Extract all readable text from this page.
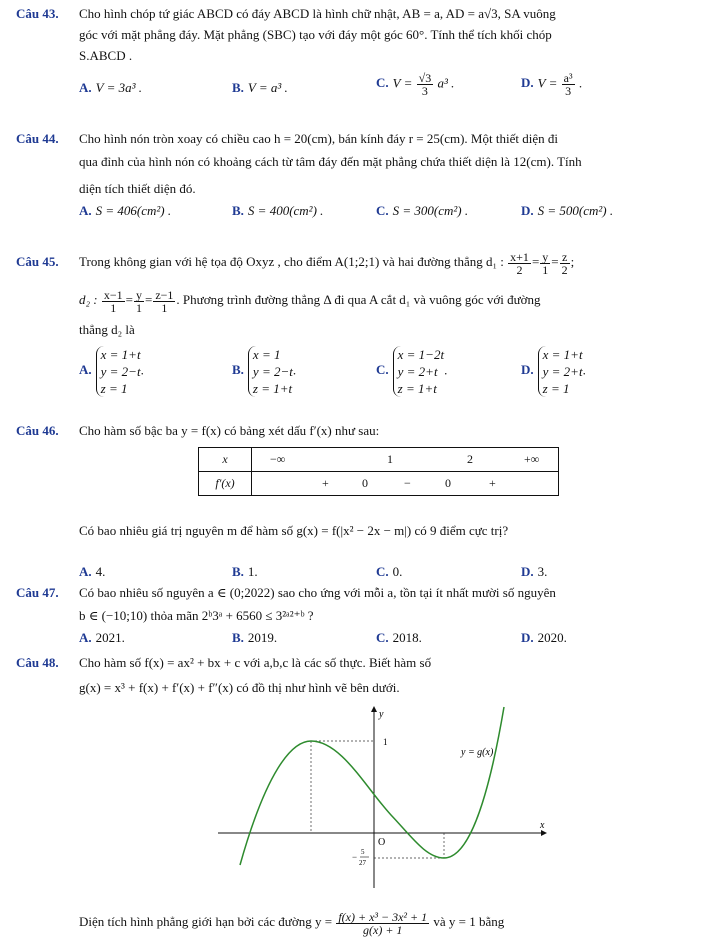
Câu 43. Cho hình chóp tứ giác ABCD có đáy ABCD là hình chữ nhật, AB = a, AD = a√3, SA vuông
góc với mặt phẳng đáy. Mặt phẳng (SBC) tạo với đáy một góc 60°. Tính thể tích khối chóp
S.ABCD .
A. V = 3a³ .	B. V = a³ .	C. $V = \frac{√3}{3} a^3$ .	D. $V = \frac{\text{a³}}{3}$ .
Câu 44. Cho hình nón tròn xoay có chiều cao h = 20(cm), bán kính đáy r = 25(cm). Một thiết diện đi
qua đỉnh của hình nón có khoảng cách từ tâm đáy đến mặt phẳng chứa thiết diện là 12(cm). Tính
diện tích thiết diện đó.
A. S = 406(cm²) .	B. S = 400(cm²) .	C. S = 300(cm²) .	D. S = 500(cm²) .
Câu 45. Trong không gian với hệ tọa độ Oxyz , cho điểm A(1;2;1) và hai đường thẳng d₁ : $\frac{x+1}{2} = \frac{y}{1} = \frac{z}{2}$ ;
d₂ : $\frac{x-1}{1} = \frac{y}{1} = \frac{z-1}{1}$ . Phương trình đường thẳng Δ đi qua A cắt d₁ và vuông góc với đường
thẳng d₂ là
A.x = 1+t
y = 2−t
z = 1.	B.x = 1
y = 2−t
z = 1+t.	C.x = 1−2t
y = 2+t
z = 1+t.	D.x = 1+t
y = 2+t
z = 1.
Câu 46. Cho hàm số bậc ba y = f(x) có bảng xét dấu f′(x) như sau:
x	−∞ 1 2 +∞

f′(x)	+ 0 − 0 +
Có bao nhiêu giá trị nguyên m để hàm số g(x) = f(|x² − 2x − m|) có 9 điểm cực trị?
A. 4.	B. 1.	C. 0.	D. 3.
Câu 47. Có bao nhiêu số nguyên a ∈ (0;2022) sao cho ứng với mỗi a, tồn tại ít nhất mười số nguyên
b ∈ (−10;10) thỏa mãn 2ᵇ3ᵃ + 6560 ≤ 3²ᵃ²⁺ᵇ ?
A. 2021.	B. 2019.	C. 2018.	D. 2020.
Câu 48. Cho hàm số f(x) = ax² + bx + c với a,b,c là các số thực. Biết hàm số
g(x) = x³ + f(x) + f′(x) + f″(x) có đồ thị như hình vẽ bên dưới.
y
x
O
1
− 5
27
y = g(x)
Diện tích hình phẳng giới hạn bởi các đường $y = \frac{\text{f(x) + x³ − 3x² + 1}}{g(x) + 1}$ và y = 1 bằng
